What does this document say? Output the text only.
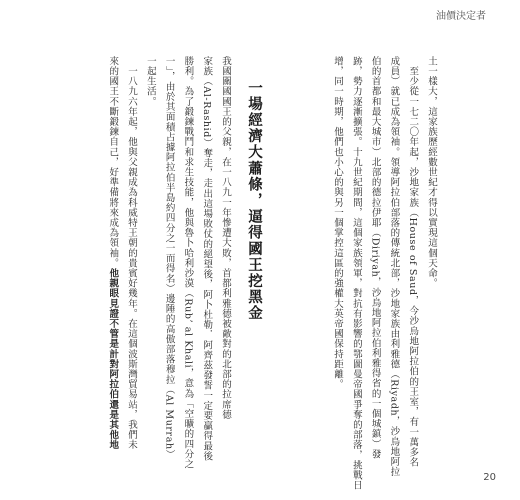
油價決定者

土一樣大，這家族歷經數世紀才得以實現這個天命。

　至少從一七二〇年起，沙地家族（House of Saud，今沙烏地阿拉伯的王室，有一萬多名

成員）就已成為領袖。領導阿拉伯部落的傳統北部，沙地家族由利雅德（Riyadh，沙烏地阿拉

伯的首都和最大城市）北部的德拉伊耶（Diriyah，沙烏地阿拉伯利雅得省的一個城鎮）發

跡，勢力逐漸擴張。十九世紀期間，這個家族領軍，對抗有影響的鄂圖曼帝國爭奪的部落，挑戰日

增，同一時期，他們也小心的與另一個掌控這區的強權大英帝國保持距離。

一場經濟大蕭條，逼得國王挖黑金

我國關國國王的父親，在一八九一年慘遭大敗，首都利雅德被敵對的北部的拉席德

家族（Al-Rashid）奪走，走出這場敗仗的絕望後，阿卜杜勒．阿齊茲發誓一定要贏得最後

勝利。為了鍛鍊戰鬥和求生技能，他與魯卜哈利沙漠（Rub’ al Khali，意為「空曠的四分之

一」，由於其面積占據阿拉伯半島約四分之一而得名）邊陲的高傲部落穆拉（Al Murrah）

一起生活。

　一八九六年起，他與父親成為科威特王朝的貴賓好幾年。在這個波斯灣貿易站，我們未

來的國王不斷鍛鍊自己，好準備將來成為領袖。他親眼見證不管是計對阿拉伯還是其他地

20
